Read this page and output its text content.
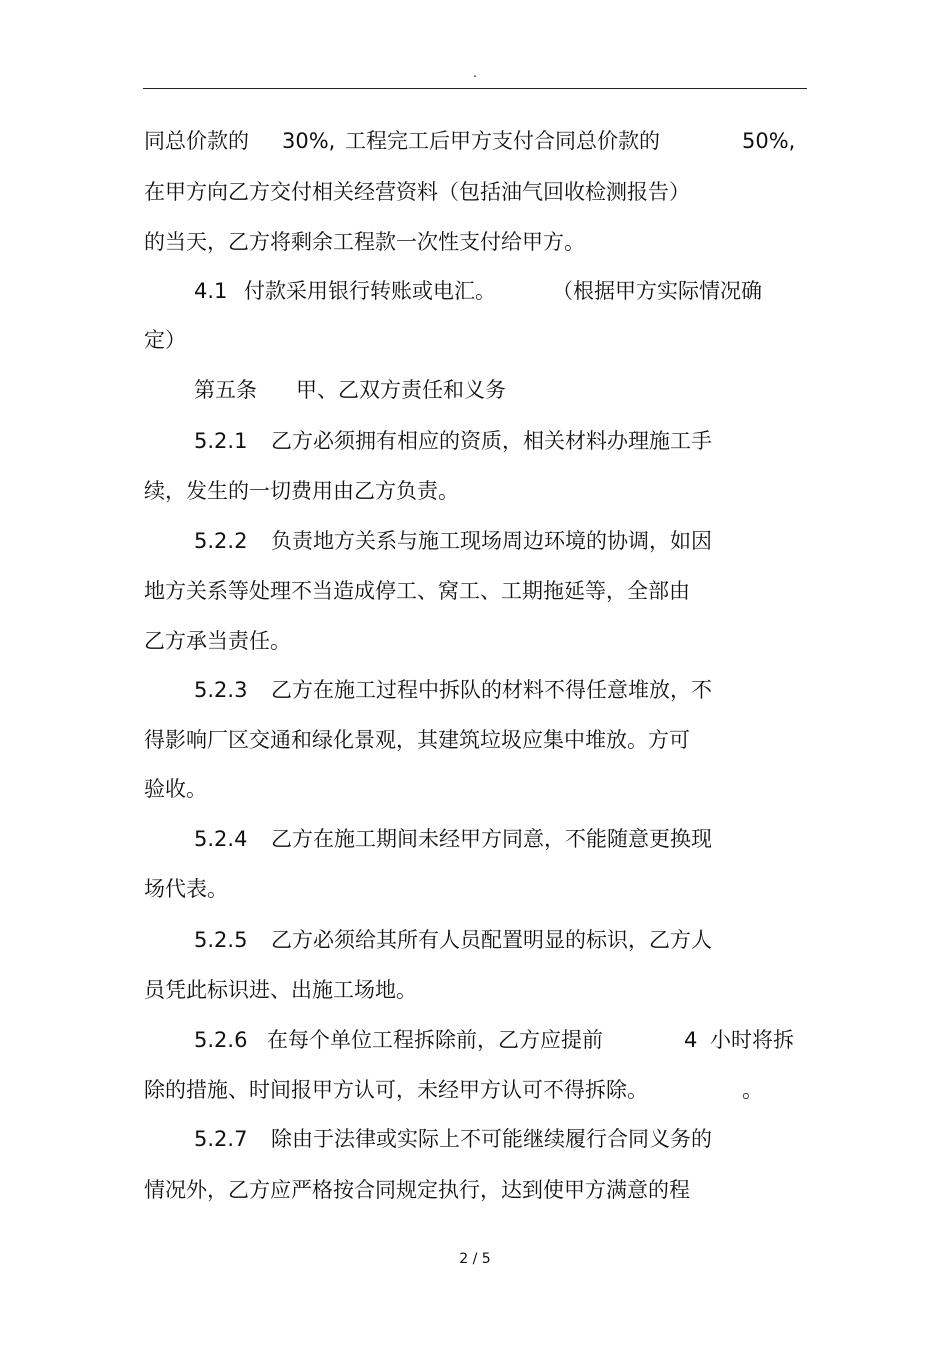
.

同总价款的

30%,

工程完工后甲方支付合同总价款的

	50%,

在甲方向乙方交付相关经营资料（包括油气回收检测报告）
的当天，乙方将剩余工程款一次性支付给甲方。

4.1

付款采用银行转账或电汇。

	（根据甲方实际情况确

定）

第五条

甲、乙双方责任和义务

5.2.1

乙方必须拥有相应的资质，相关材料办理施工手

续，发生的一切费用由乙方负责。

5.2.2

负责地方关系与施工现场周边环境的协调，如因

地方关系等处理不当造成停工、窝工、工期拖延等，全部由
乙方承当责任。

5.2.3

乙方在施工过程中拆队的材料不得任意堆放，不

得影响厂区交通和绿化景观，其建筑垃圾应集中堆放。方可
验收。

5.2.4

乙方在施工期间未经甲方同意，不能随意更换现

场代表。

5.2.5

乙方必须给其所有人员配置明显的标识，乙方人

员凭此标识进、出施工场地。

5.2.6

在每个单位工程拆除前，乙方应提前

	4

小时将拆

除的措施、时间报甲方认可，未经甲方认可不得拆除。

	。

5.2.7

除由于法律或实际上不可能继续履行合同义务的

情况外，乙方应严格按合同规定执行，达到使甲方满意的程
2 / 5
